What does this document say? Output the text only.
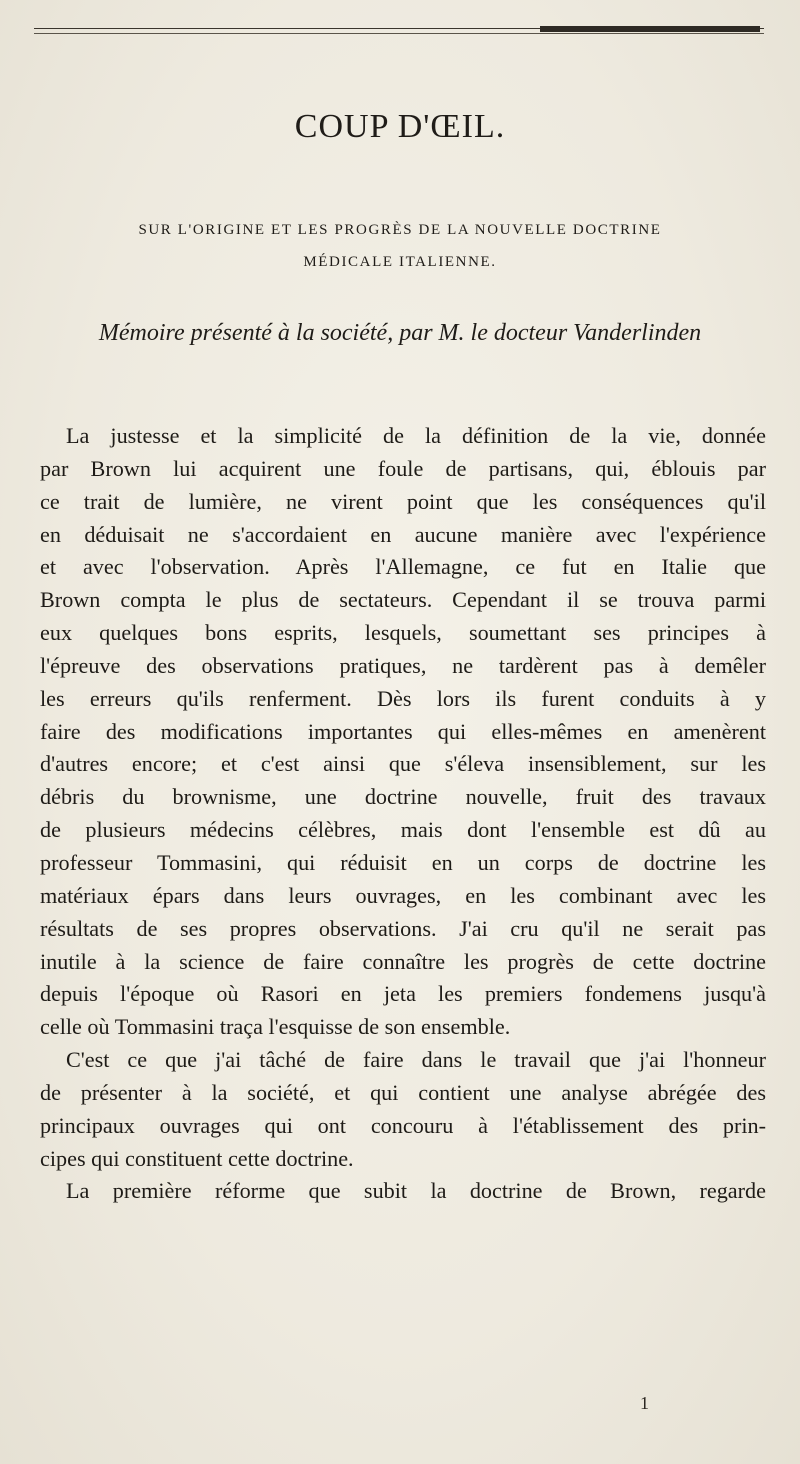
COUP D'ŒIL.
SUR L'ORIGINE ET LES PROGRÈS DE LA NOUVELLE DOCTRINE
MÉDICALE ITALIENNE.
Mémoire présenté à la société, par M. le docteur Vanderlinden
La justesse et la simplicité de la définition de la vie, donnée
par Brown lui acquirent une foule de partisans, qui, éblouis par
ce trait de lumière, ne virent point que les conséquences qu'il
en déduisait ne s'accordaient en aucune manière avec l'expérience
et avec l'observation. Après l'Allemagne, ce fut en Italie que
Brown compta le plus de sectateurs. Cependant il se trouva parmi
eux quelques bons esprits, lesquels, soumettant ses principes à
l'épreuve des observations pratiques, ne tardèrent pas à demêler
les erreurs qu'ils renferment. Dès lors ils furent conduits à y
faire des modifications importantes qui elles-mêmes en amenèrent
d'autres encore; et c'est ainsi que s'éleva insensiblement, sur les
débris du brownisme, une doctrine nouvelle, fruit des travaux
de plusieurs médecins célèbres, mais dont l'ensemble est dû au
professeur Tommasini, qui réduisit en un corps de doctrine les
matériaux épars dans leurs ouvrages, en les combinant avec les
résultats de ses propres observations. J'ai cru qu'il ne serait pas
inutile à la science de faire connaître les progrès de cette doctrine
depuis l'époque où Rasori en jeta les premiers fondemens jusqu'à
celle où Tommasini traça l'esquisse de son ensemble.
C'est ce que j'ai tâché de faire dans le travail que j'ai l'honneur
de présenter à la société, et qui contient une analyse abrégée des
principaux ouvrages qui ont concouru à l'établissement des prin-
cipes qui constituent cette doctrine.
La première réforme que subit la doctrine de Brown, regarde
1
